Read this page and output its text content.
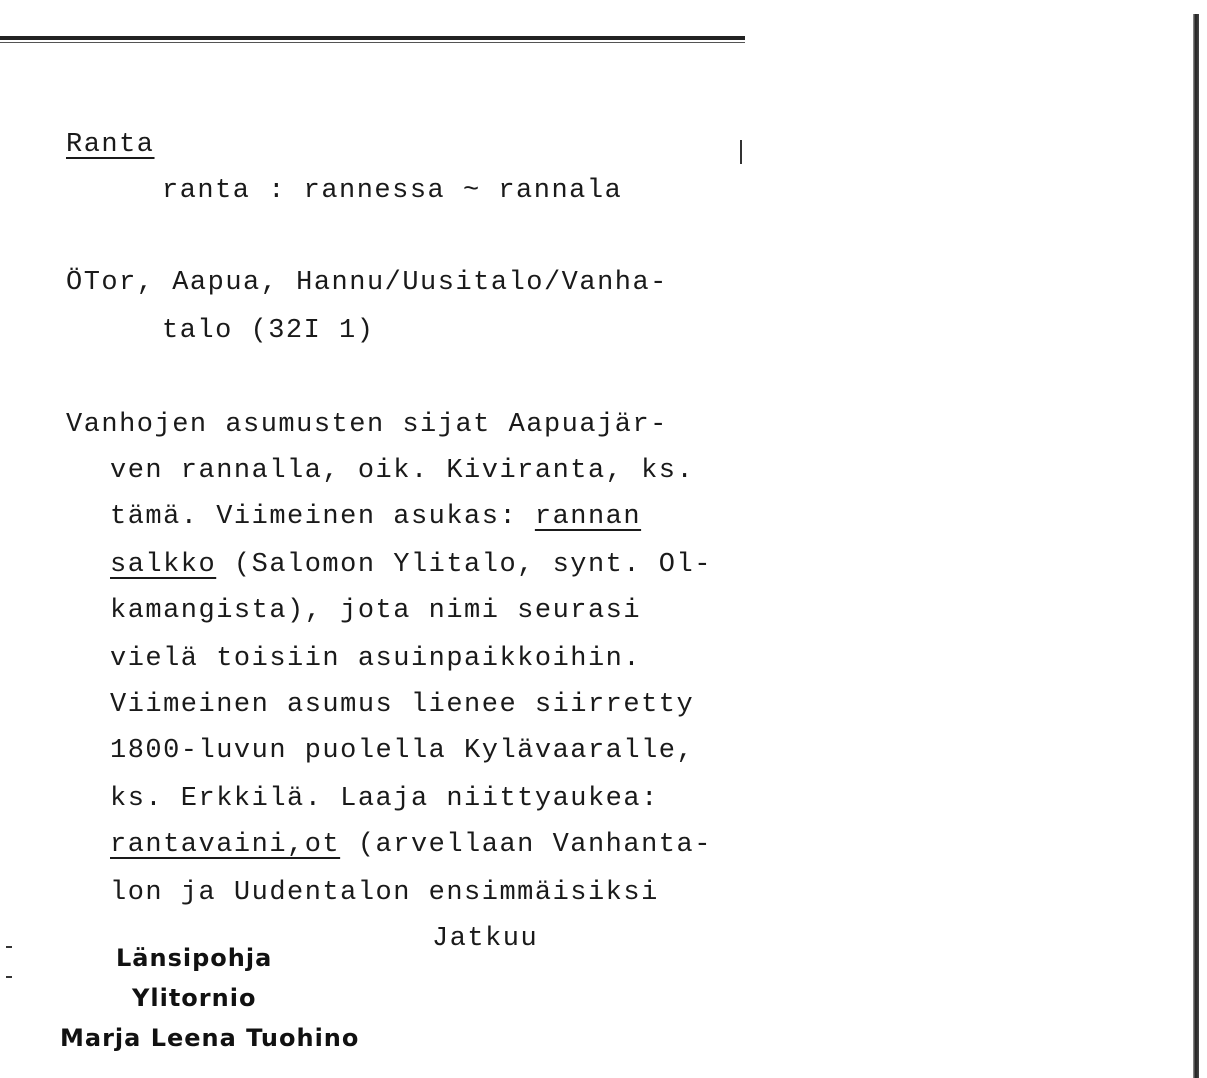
Ranta
ranta : rannessa ~ rannala
ÖTor, Aapua, Hannu/Uusitalo/Vanha-
talo (32I 1)
Vanhojen asumusten sijat Aapuajär-
ven rannalla, oik. Kiviranta, ks.
tämä. Viimeinen asukas: rannan
salkko (Salomon Ylitalo, synt. Ol-
kamangista), jota nimi seurasi
vielä toisiin asuinpaikkoihin.
Viimeinen asumus lienee siirretty
1800-luvun puolella Kylävaaralle,
ks. Erkkilä. Laaja niittyaukea:
rantavaini,ot (arvellaan Vanhanta-
lon ja Uudentalon ensimmäisiksi
Jatkuu
Länsipohja
Ylitornio
Marja Leena Tuohino
